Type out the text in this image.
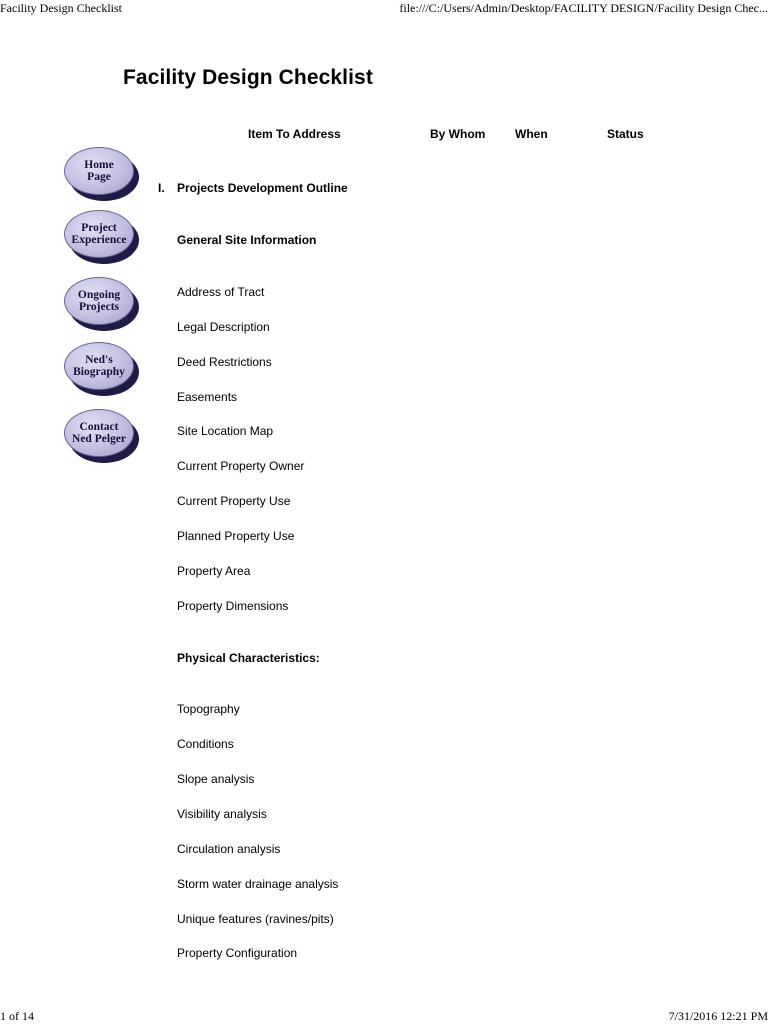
Facility Design Checklist	file:///C:/Users/Admin/Desktop/FACILITY DESIGN/Facility Design Chec...
Facility Design Checklist
Item To Address	By Whom When	Status
Home
Page
Project
Experience
Ongoing
Projects
Ned's
Biography
Contact
Ned Pelger
I. Projects Development Outline
General Site Information
Address of Tract
Legal Description
Deed Restrictions
Easements
Site Location Map
Current Property Owner
Current Property Use
Planned Property Use
Property Area
Property Dimensions
Physical Characteristics:
Topography
Conditions
Slope analysis
Visibility analysis
Circulation analysis
Storm water drainage analysis
Unique features (ravines/pits)
Property Configuration
1 of 14	7/31/2016 12:21 PM
